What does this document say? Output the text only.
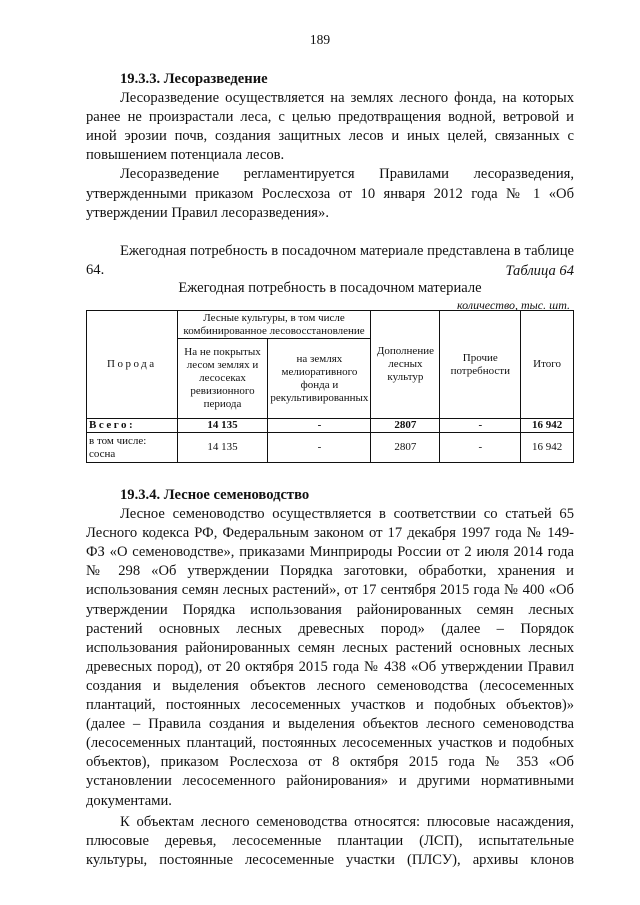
189
19.3.3. Лесоразведение

Лесоразведение осуществляется на землях лесного фонда, на которых ранее не произрастали леса, с целью предотвращения водной, ветровой и иной эрозии почв, создания защитных лесов и иных целей, связанных с повышением потенциала лесов.

Лесоразведение регламентируется Правилами лесоразведения, утвержденными приказом Рослесхоза от 10 января 2012 года № 1 «Об утверждении Правил лесоразведения».

Ежегодная потребность в посадочном материале представлена в таблице 64.	Таблица 64
Ежегодная потребность в посадочном материале
количество, тыс. шт.
Порода	Лесные культуры, в том числе комбинированное лесовосстановление		Дополнение лесных культур	Прочие потребности	Итого
	На не покрытых лесом землях и лесосеках ревизионного периода	на землях мелиоративного фонда и рекультивированных			
Всего:	14 135	-	2807	-	16 942

в том числе:
сосна	14 135	-	2807	-	16 942
19.3.4. Лесное семеноводство

Лесное семеноводство осуществляется в соответствии со статьей 65 Лесного кодекса РФ, Федеральным законом от 17 декабря 1997 года № 149-ФЗ «О семеноводстве», приказами Минприроды России от 2 июля 2014 года № 298 «Об утверждении Порядка заготовки, обработки, хранения и использования семян лесных растений», от 17 сентября 2015 года № 400 «Об утверждении Порядка использования районированных семян лесных растений основных лесных древесных пород» (далее – Порядок использования районированных семян лесных растений основных лесных древесных пород), от 20 октября 2015 года № 438 «Об утверждении Правил создания и выделения объектов лесного семеноводства (лесосеменных плантаций, постоянных лесосеменных участков и подобных объектов)» (далее – Правила создания и выделения объектов лесного семеноводства (лесосеменных плантаций, постоянных лесосеменных участков и подобных объектов), приказом Рослесхоза от 8 октября 2015 года № 353 «Об установлении лесосеменного районирования» и другими нормативными документами.

К объектам лесного семеноводства относятся: плюсовые насаждения, плюсовые деревья, лесосеменные плантации (ЛСП), испытательные культуры, постоянные лесосеменные участки (ПЛСУ), архивы клонов
